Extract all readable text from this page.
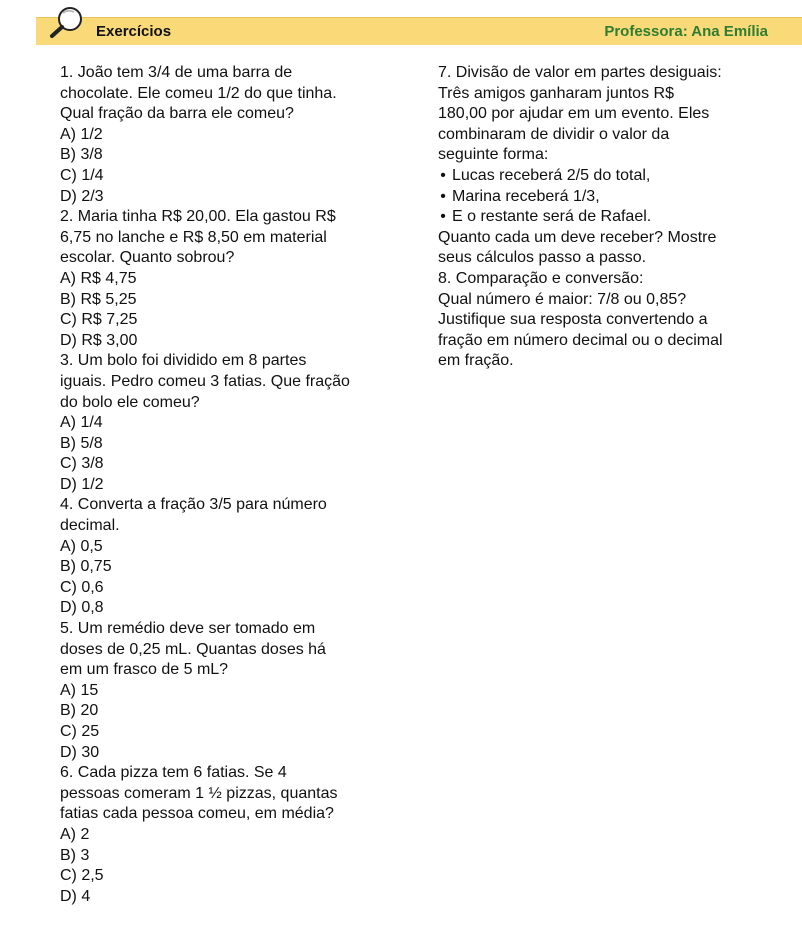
Exercícios	Professora: Ana Emília
1. João tem 3/4 de uma barra de
chocolate. Ele comeu 1/2 do que tinha.
Qual fração da barra ele comeu?
A) 1/2
B) 3/8
C) 1/4
D) 2/3
2. Maria tinha R$ 20,00. Ela gastou R$
6,75 no lanche e R$ 8,50 em material
escolar. Quanto sobrou?
A) R$ 4,75
B) R$ 5,25
C) R$ 7,25
D) R$ 3,00
3. Um bolo foi dividido em 8 partes
iguais. Pedro comeu 3 fatias. Que fração
do bolo ele comeu?
A) 1/4
B) 5/8
C) 3/8
D) 1/2
4. Converta a fração 3/5 para número
decimal.
A) 0,5
B) 0,75
C) 0,6
D) 0,8
5. Um remédio deve ser tomado em
doses de 0,25 mL. Quantas doses há
em um frasco de 5 mL?
A) 15
B) 20
C) 25
D) 30
6. Cada pizza tem 6 fatias. Se 4
pessoas comeram 1 ½ pizzas, quantas
fatias cada pessoa comeu, em média?
A) 2
B) 3
C) 2,5
D) 4
7. Divisão de valor em partes desiguais:
Três amigos ganharam juntos R$
180,00 por ajudar em um evento. Eles
combinaram de dividir o valor da
seguinte forma:
• Lucas receberá 2/5 do total,
• Marina receberá 1/3,
• E o restante será de Rafael.
Quanto cada um deve receber? Mostre
seus cálculos passo a passo.
8. Comparação e conversão:
Qual número é maior: 7/8 ou 0,85?
Justifique sua resposta convertendo a
fração em número decimal ou o decimal
em fração.
